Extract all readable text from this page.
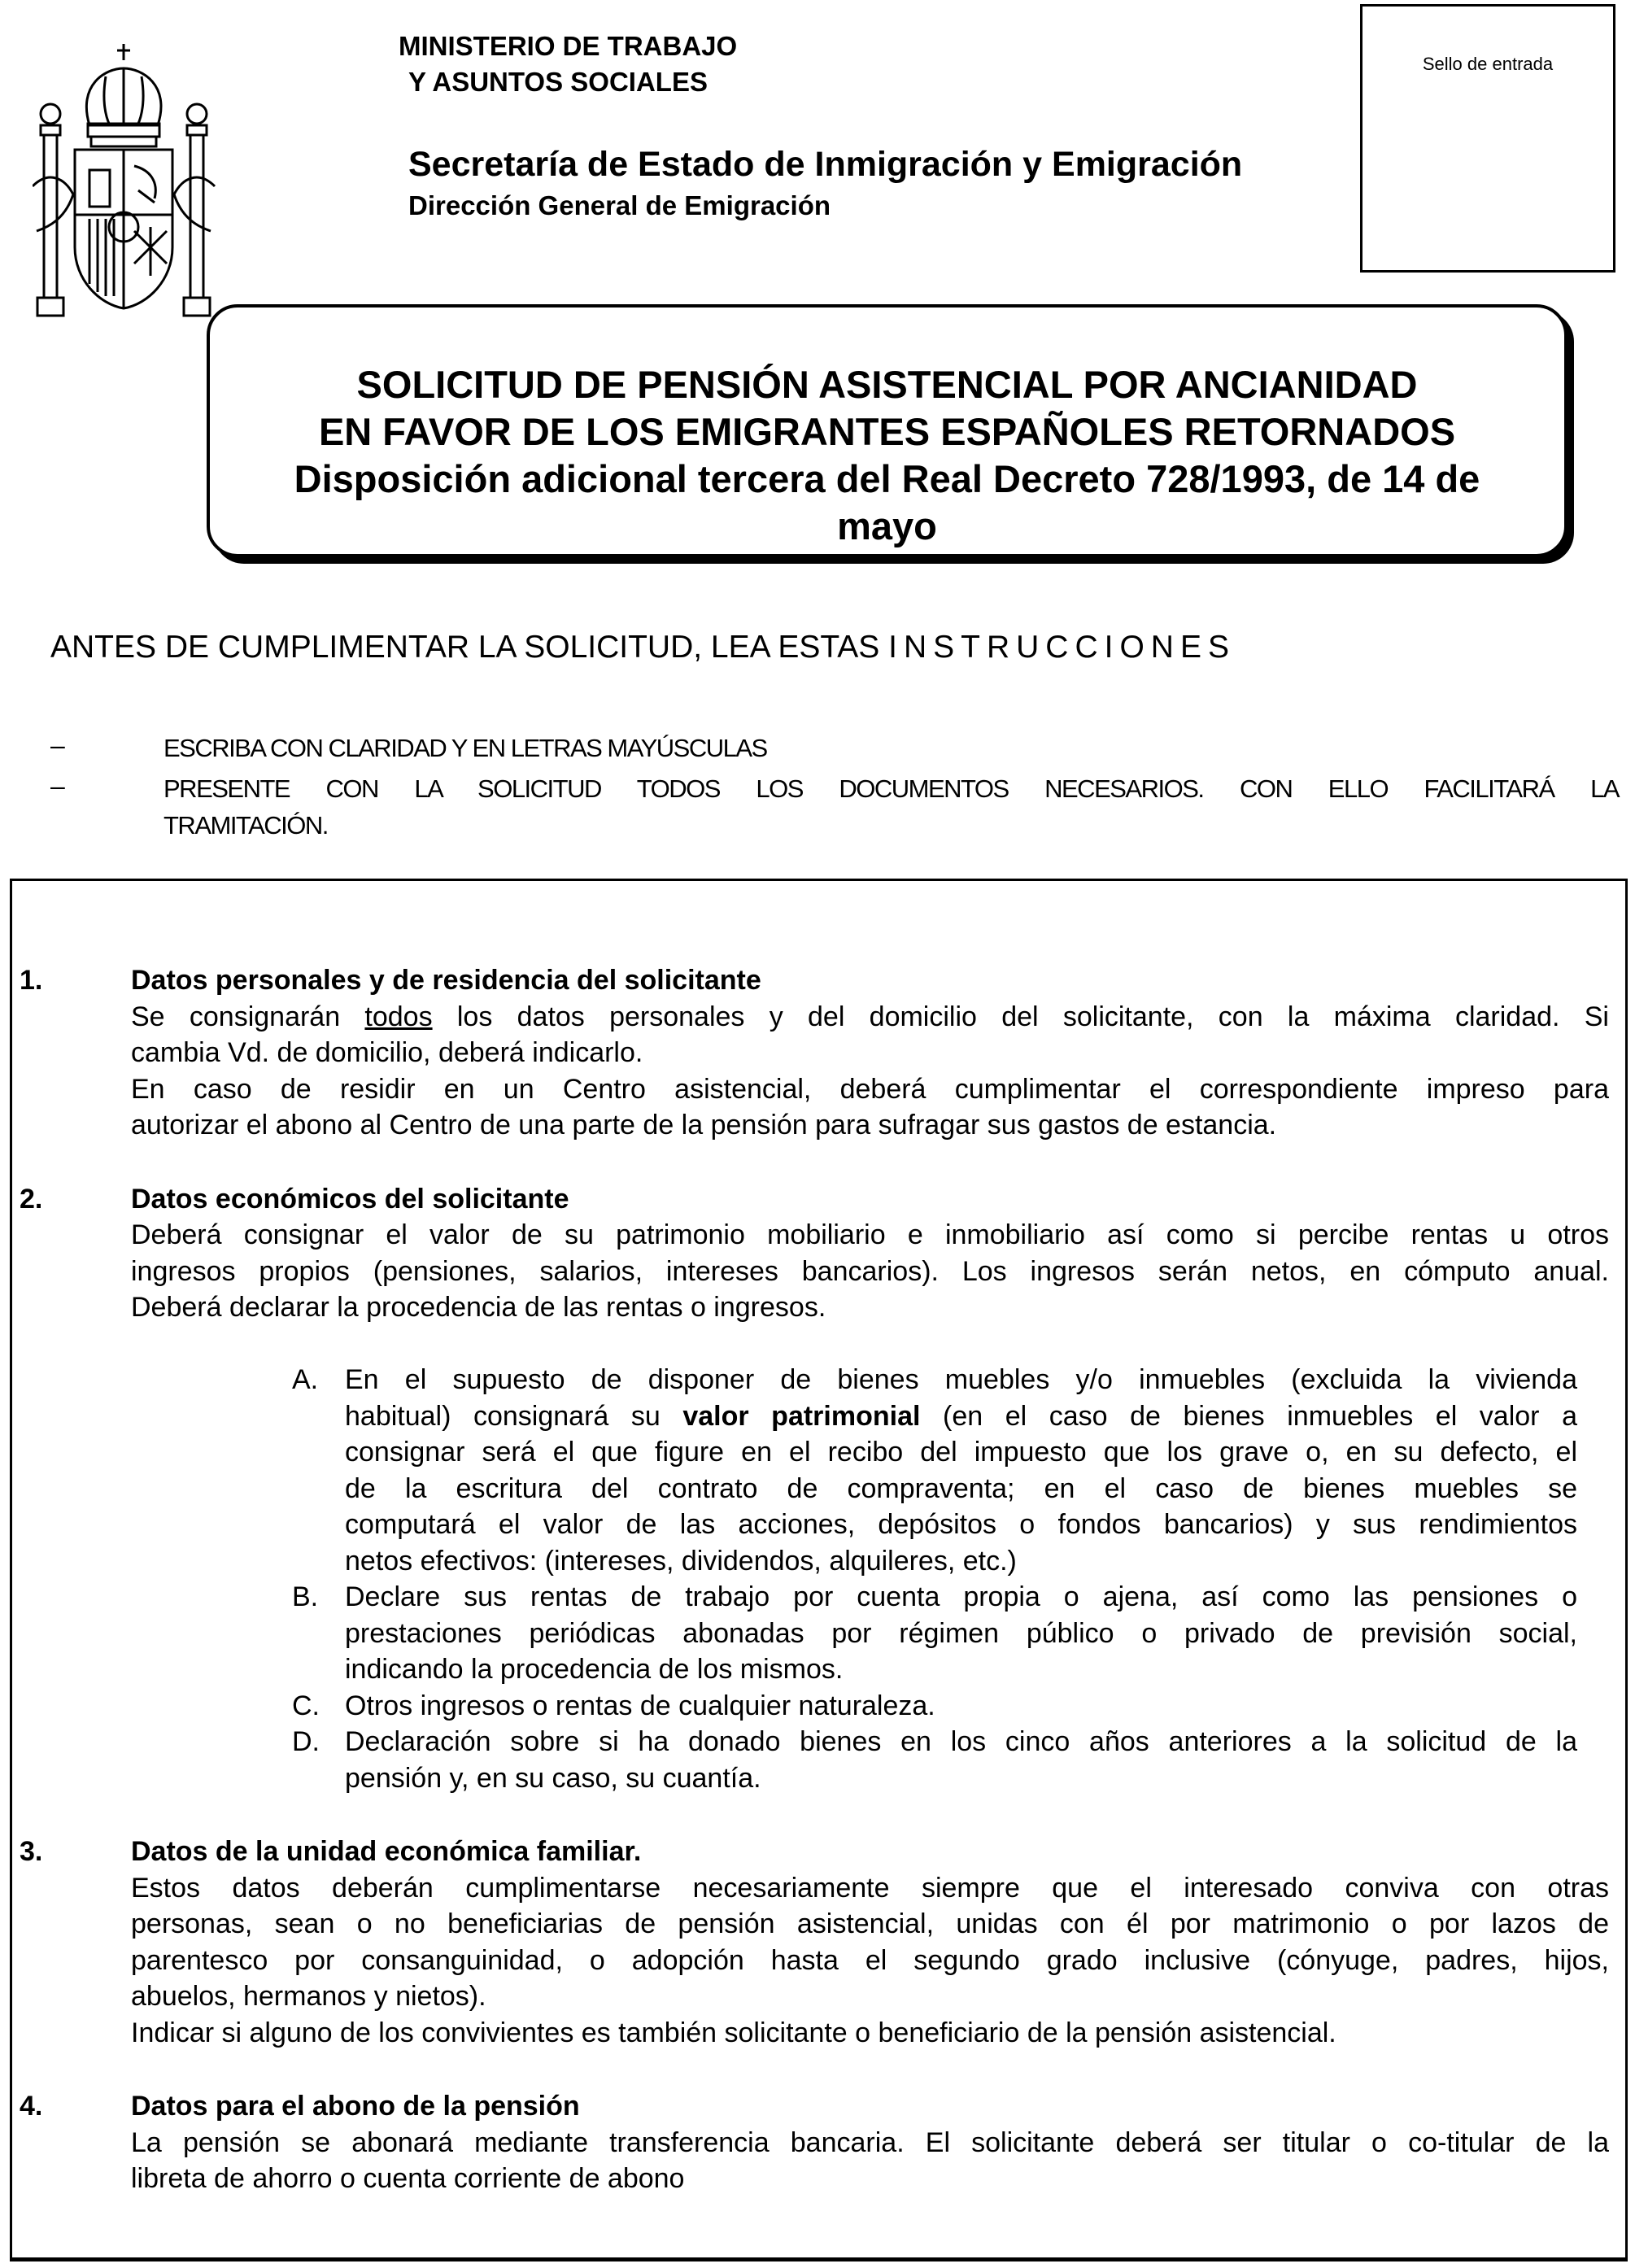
MINISTERIO DE TRABAJO
Y ASUNTOS SOCIALES
Secretaría de Estado de Inmigración y Emigración
Dirección General de Emigración
Sello de entrada
SOLICITUD DE PENSIÓN ASISTENCIAL POR ANCIANIDAD
EN FAVOR DE LOS EMIGRANTES ESPAÑOLES RETORNADOS
Disposición adicional tercera del Real Decreto 728/1993, de 14 de
mayo
ANTES DE CUMPLIMENTAR LA SOLICITUD, LEA ESTAS INSTRUCCIONES
–	ESCRIBA CON CLARIDAD Y EN LETRAS MAYÚSCULAS
–	PRESENTE CON LA SOLICITUD TODOS LOS DOCUMENTOS NECESARIOS. CON ELLO FACILITARÁ LA
TRAMITACIÓN.
1.	Datos personales y de residencia del solicitante
Se consignarán todos los datos personales y del domicilio del solicitante, con la máxima claridad. Si
cambia Vd. de domicilio, deberá indicarlo.
En caso de residir en un Centro asistencial, deberá cumplimentar el correspondiente impreso para
autorizar el abono al Centro de una parte de la pensión para sufragar sus gastos de estancia.
2.	Datos económicos del solicitante
Deberá consignar el valor de su patrimonio mobiliario e inmobiliario así como si percibe rentas u otros
ingresos propios (pensiones, salarios, intereses bancarios). Los ingresos serán netos, en cómputo anual.
Deberá declarar la procedencia de las rentas o ingresos.
A. En el supuesto de disponer de bienes muebles y/o inmuebles (excluida la vivienda
habitual) consignará su valor patrimonial (en el caso de bienes inmuebles el valor a
consignar será el que figure en el recibo del impuesto que los grave o, en su defecto, el
de la escritura del contrato de compraventa; en el caso de bienes muebles se
computará el valor de las acciones, depósitos o fondos bancarios) y sus rendimientos
netos efectivos: (intereses, dividendos, alquileres, etc.)
B. Declare sus rentas de trabajo por cuenta propia o ajena, así como las pensiones o
prestaciones periódicas abonadas por régimen público o privado de previsión social,
indicando la procedencia de los mismos.
C. Otros ingresos o rentas de cualquier naturaleza.
D. Declaración sobre si ha donado bienes en los cinco años anteriores a la solicitud de la
pensión y, en su caso, su cuantía.
3.	Datos de la unidad económica familiar.
Estos datos deberán cumplimentarse necesariamente siempre que el interesado conviva con otras
personas, sean o no beneficiarias de pensión asistencial, unidas con él por matrimonio o por lazos de
parentesco por consanguinidad, o adopción hasta el segundo grado inclusive (cónyuge, padres, hijos,
abuelos, hermanos y nietos).
Indicar si alguno de los convivientes es también solicitante o beneficiario de la pensión asistencial.
4.	Datos para el abono de la pensión
La pensión se abonará mediante transferencia bancaria. El solicitante deberá ser titular o co-titular de la
libreta de ahorro o cuenta corriente de abono
